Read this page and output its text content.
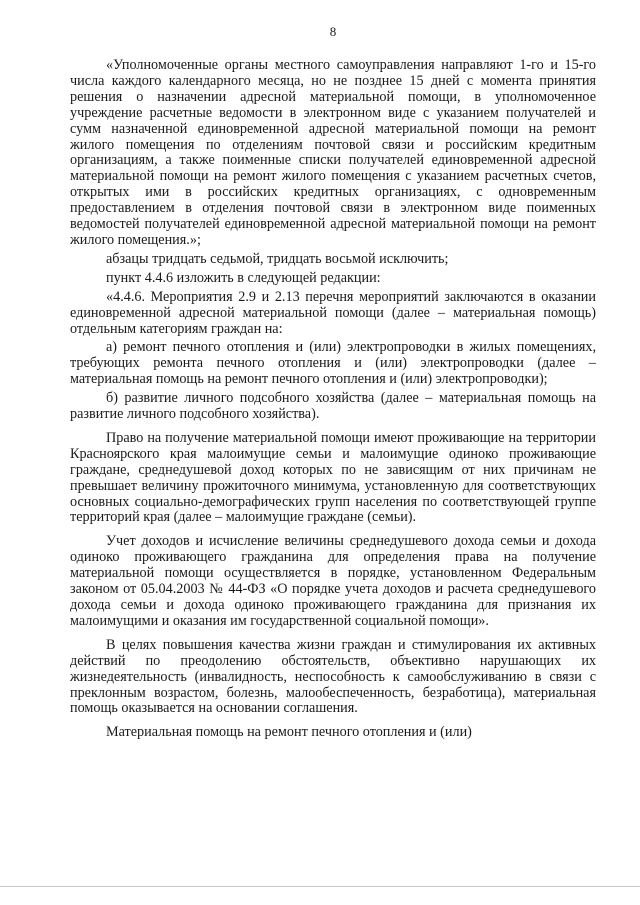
8

«Уполномоченные органы местного самоуправления направляют 1-го и 15-го числа каждого календарного месяца, но не позднее 15 дней с момента принятия решения о назначении адресной материальной помощи, в уполномоченное учреждение расчетные ведомости в электронном виде с указанием получателей и сумм назначенной единовременной адресной материальной помощи на ремонт жилого помещения по отделениям почтовой связи и российским кредитным организациям, а также поименные списки получателей единовременной адресной материальной помощи на ремонт жилого помещения с указанием расчетных счетов, открытых ими в российских кредитных организациях, с одновременным предоставлением в отделения почтовой связи в электронном виде поименных ведомостей получателей единовременной адресной материальной помощи на ремонт жилого помещения.»;

абзацы тридцать седьмой, тридцать восьмой исключить;

пункт 4.4.6 изложить в следующей редакции:

«4.4.6. Мероприятия 2.9 и 2.13 перечня мероприятий заключаются в оказании единовременной адресной материальной помощи (далее – материальная помощь) отдельным категориям граждан на:

а) ремонт печного отопления и (или) электропроводки в жилых помещениях, требующих ремонта печного отопления и (или) электропроводки (далее – материальная помощь на ремонт печного отопления и (или) электропроводки);

б) развитие личного подсобного хозяйства (далее – материальная помощь на развитие личного подсобного хозяйства).

Право на получение материальной помощи имеют проживающие на территории Красноярского края малоимущие семьи и малоимущие одиноко проживающие граждане, среднедушевой доход которых по не зависящим от них причинам не превышает величину прожиточного минимума, установленную для соответствующих основных социально-демографических групп населения по соответствующей группе территорий края (далее – малоимущие граждане (семьи).

Учет доходов и исчисление величины среднедушевого дохода семьи и дохода одиноко проживающего гражданина для определения права на получение материальной помощи осуществляется в порядке, установленном Федеральным законом от 05.04.2003 № 44-ФЗ «О порядке учета доходов и расчета среднедушевого дохода семьи и дохода одиноко проживающего гражданина для признания их малоимущими и оказания им государственной социальной помощи».

В целях повышения качества жизни граждан и стимулирования их активных действий по преодолению обстоятельств, объективно нарушающих их жизнедеятельность (инвалидность, неспособность к самообслуживанию в связи с преклонным возрастом, болезнь, малообеспеченность, безработица), материальная помощь оказывается на основании соглашения.

Материальная помощь на ремонт печного отопления и (или)
